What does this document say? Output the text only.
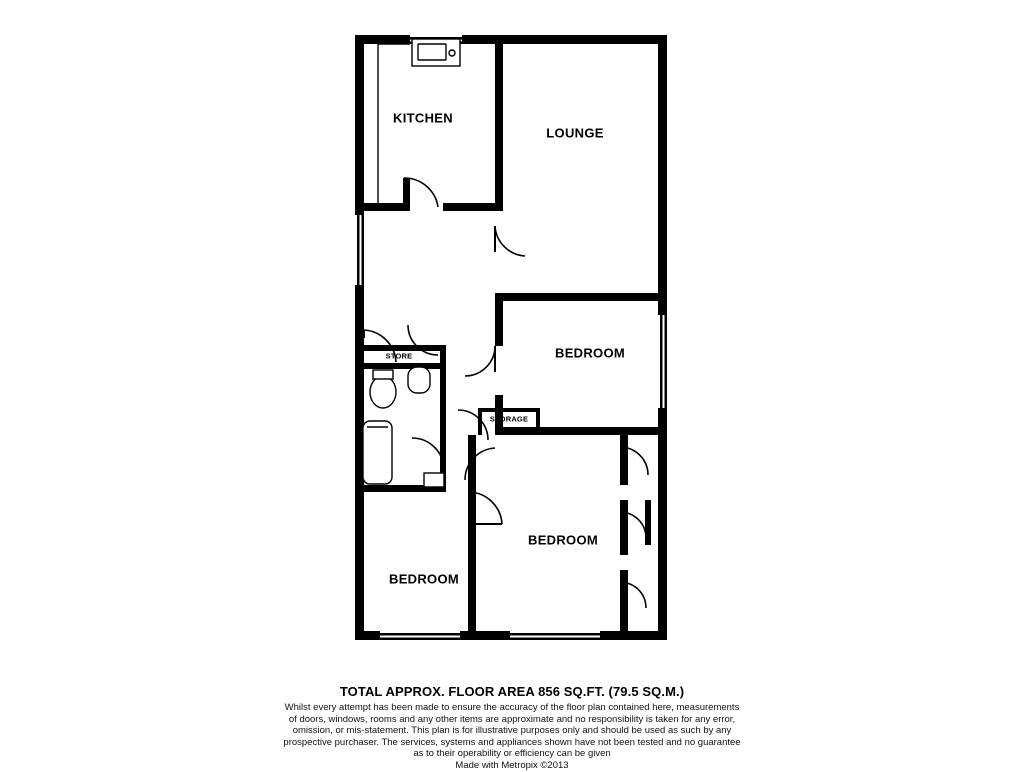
KITCHEN
LOUNGE
BEDROOM
BEDROOM
BEDROOM
STORE
STORAGE
TOTAL APPROX. FLOOR AREA 856 SQ.FT. (79.5 SQ.M.)
Whilst every attempt has been made to ensure the accuracy of the floor plan contained here, measurements
of doors, windows, rooms and any other items are approximate and no responsibility is taken for any error,
omission, or mis-statement. This plan is for illustrative purposes only and should be used as such by any
prospective purchaser. The services, systems and appliances shown have not been tested and no guarantee
as to their operability or efficiency can be given
Made with Metropix ©2013
